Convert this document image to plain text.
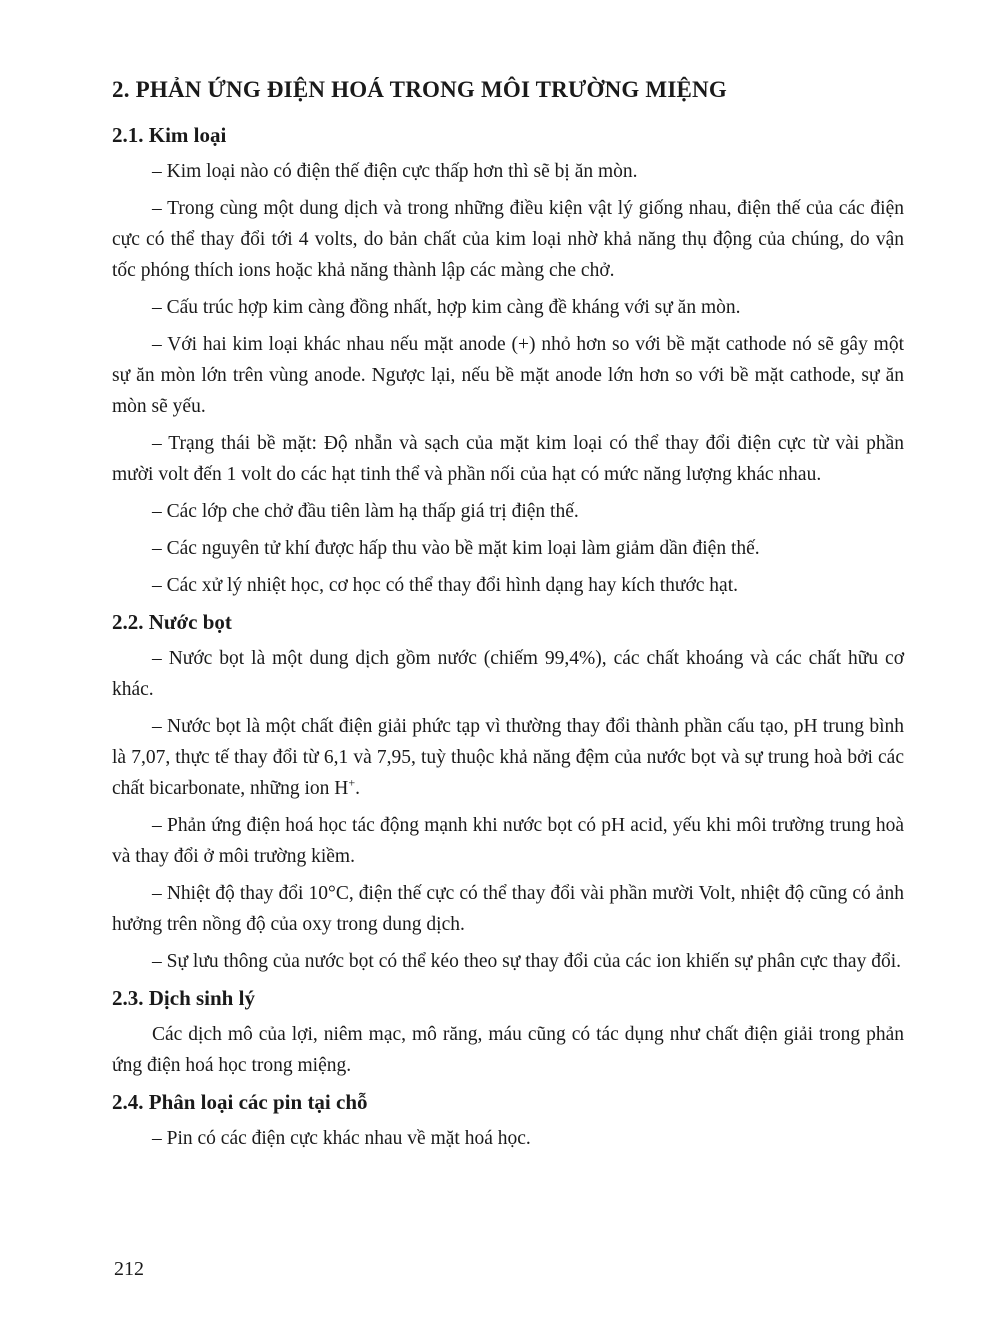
2. PHẢN ỨNG ĐIỆN HOÁ TRONG MÔI TRƯỜNG MIỆNG
2.1. Kim loại

– Kim loại nào có điện thế điện cực thấp hơn thì sẽ bị ăn mòn.

– Trong cùng một dung dịch và trong những điều kiện vật lý giống nhau, điện thế của các điện cực có thể thay đổi tới 4 volts, do bản chất của kim loại nhờ khả năng thụ động của chúng, do vận tốc phóng thích ions hoặc khả năng thành lập các màng che chở.

– Cấu trúc hợp kim càng đồng nhất, hợp kim càng đề kháng với sự ăn mòn.

– Với hai kim loại khác nhau nếu mặt anode (+) nhỏ hơn so với bề mặt cathode nó sẽ gây một sự ăn mòn lớn trên vùng anode. Ngược lại, nếu bề mặt anode lớn hơn so với bề mặt cathode, sự ăn mòn sẽ yếu.

– Trạng thái bề mặt: Độ nhẵn và sạch của mặt kim loại có thể thay đổi điện cực từ vài phần mười volt đến 1 volt do các hạt tinh thể và phần nối của hạt có mức năng lượng khác nhau.

– Các lớp che chở đầu tiên làm hạ thấp giá trị điện thế.

– Các nguyên tử khí được hấp thu vào bề mặt kim loại làm giảm dần điện thế.

– Các xử lý nhiệt học, cơ học có thể thay đổi hình dạng hay kích thước hạt.

2.2. Nước bọt

– Nước bọt là một dung dịch gồm nước (chiếm 99,4%), các chất khoáng và các chất hữu cơ khác.

– Nước bọt là một chất điện giải phức tạp vì thường thay đổi thành phần cấu tạo, pH trung bình là 7,07, thực tế thay đổi từ 6,1 và 7,95, tuỳ thuộc khả năng đệm của nước bọt và sự trung hoà bởi các chất bicarbonate, những ion H+.

– Phản ứng điện hoá học tác động mạnh khi nước bọt có pH acid, yếu khi môi trường trung hoà và thay đổi ở môi trường kiềm.

– Nhiệt độ thay đổi 10°C, điện thế cực có thể thay đổi vài phần mười Volt, nhiệt độ cũng có ảnh hưởng trên nồng độ của oxy trong dung dịch.

– Sự lưu thông của nước bọt có thể kéo theo sự thay đổi của các ion khiến sự phân cực thay đổi.

2.3. Dịch sinh lý

Các dịch mô của lợi, niêm mạc, mô răng, máu cũng có tác dụng như chất điện giải trong phản ứng điện hoá học trong miệng.

2.4. Phân loại các pin tại chỗ

– Pin có các điện cực khác nhau về mặt hoá học.

212
